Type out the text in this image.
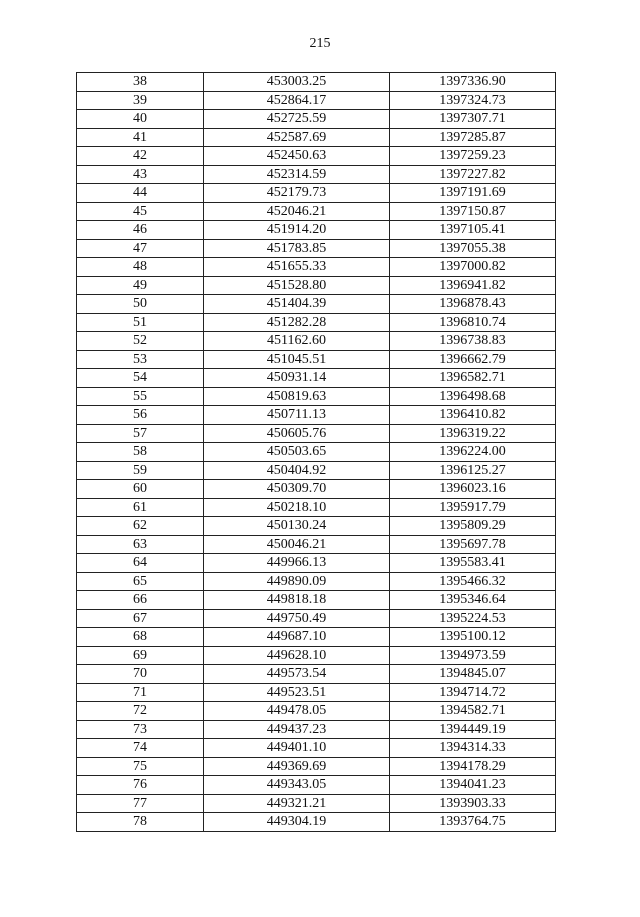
215
38	453003.25	1397336.90
39	452864.17	1397324.73
40	452725.59	1397307.71
41	452587.69	1397285.87
42	452450.63	1397259.23
43	452314.59	1397227.82
44	452179.73	1397191.69
45	452046.21	1397150.87
46	451914.20	1397105.41
47	451783.85	1397055.38
48	451655.33	1397000.82
49	451528.80	1396941.82
50	451404.39	1396878.43
51	451282.28	1396810.74
52	451162.60	1396738.83
53	451045.51	1396662.79
54	450931.14	1396582.71
55	450819.63	1396498.68
56	450711.13	1396410.82
57	450605.76	1396319.22
58	450503.65	1396224.00
59	450404.92	1396125.27
60	450309.70	1396023.16
61	450218.10	1395917.79
62	450130.24	1395809.29
63	450046.21	1395697.78
64	449966.13	1395583.41
65	449890.09	1395466.32
66	449818.18	1395346.64
67	449750.49	1395224.53
68	449687.10	1395100.12
69	449628.10	1394973.59
70	449573.54	1394845.07
71	449523.51	1394714.72
72	449478.05	1394582.71
73	449437.23	1394449.19
74	449401.10	1394314.33
75	449369.69	1394178.29
76	449343.05	1394041.23
77	449321.21	1393903.33
78	449304.19	1393764.75
